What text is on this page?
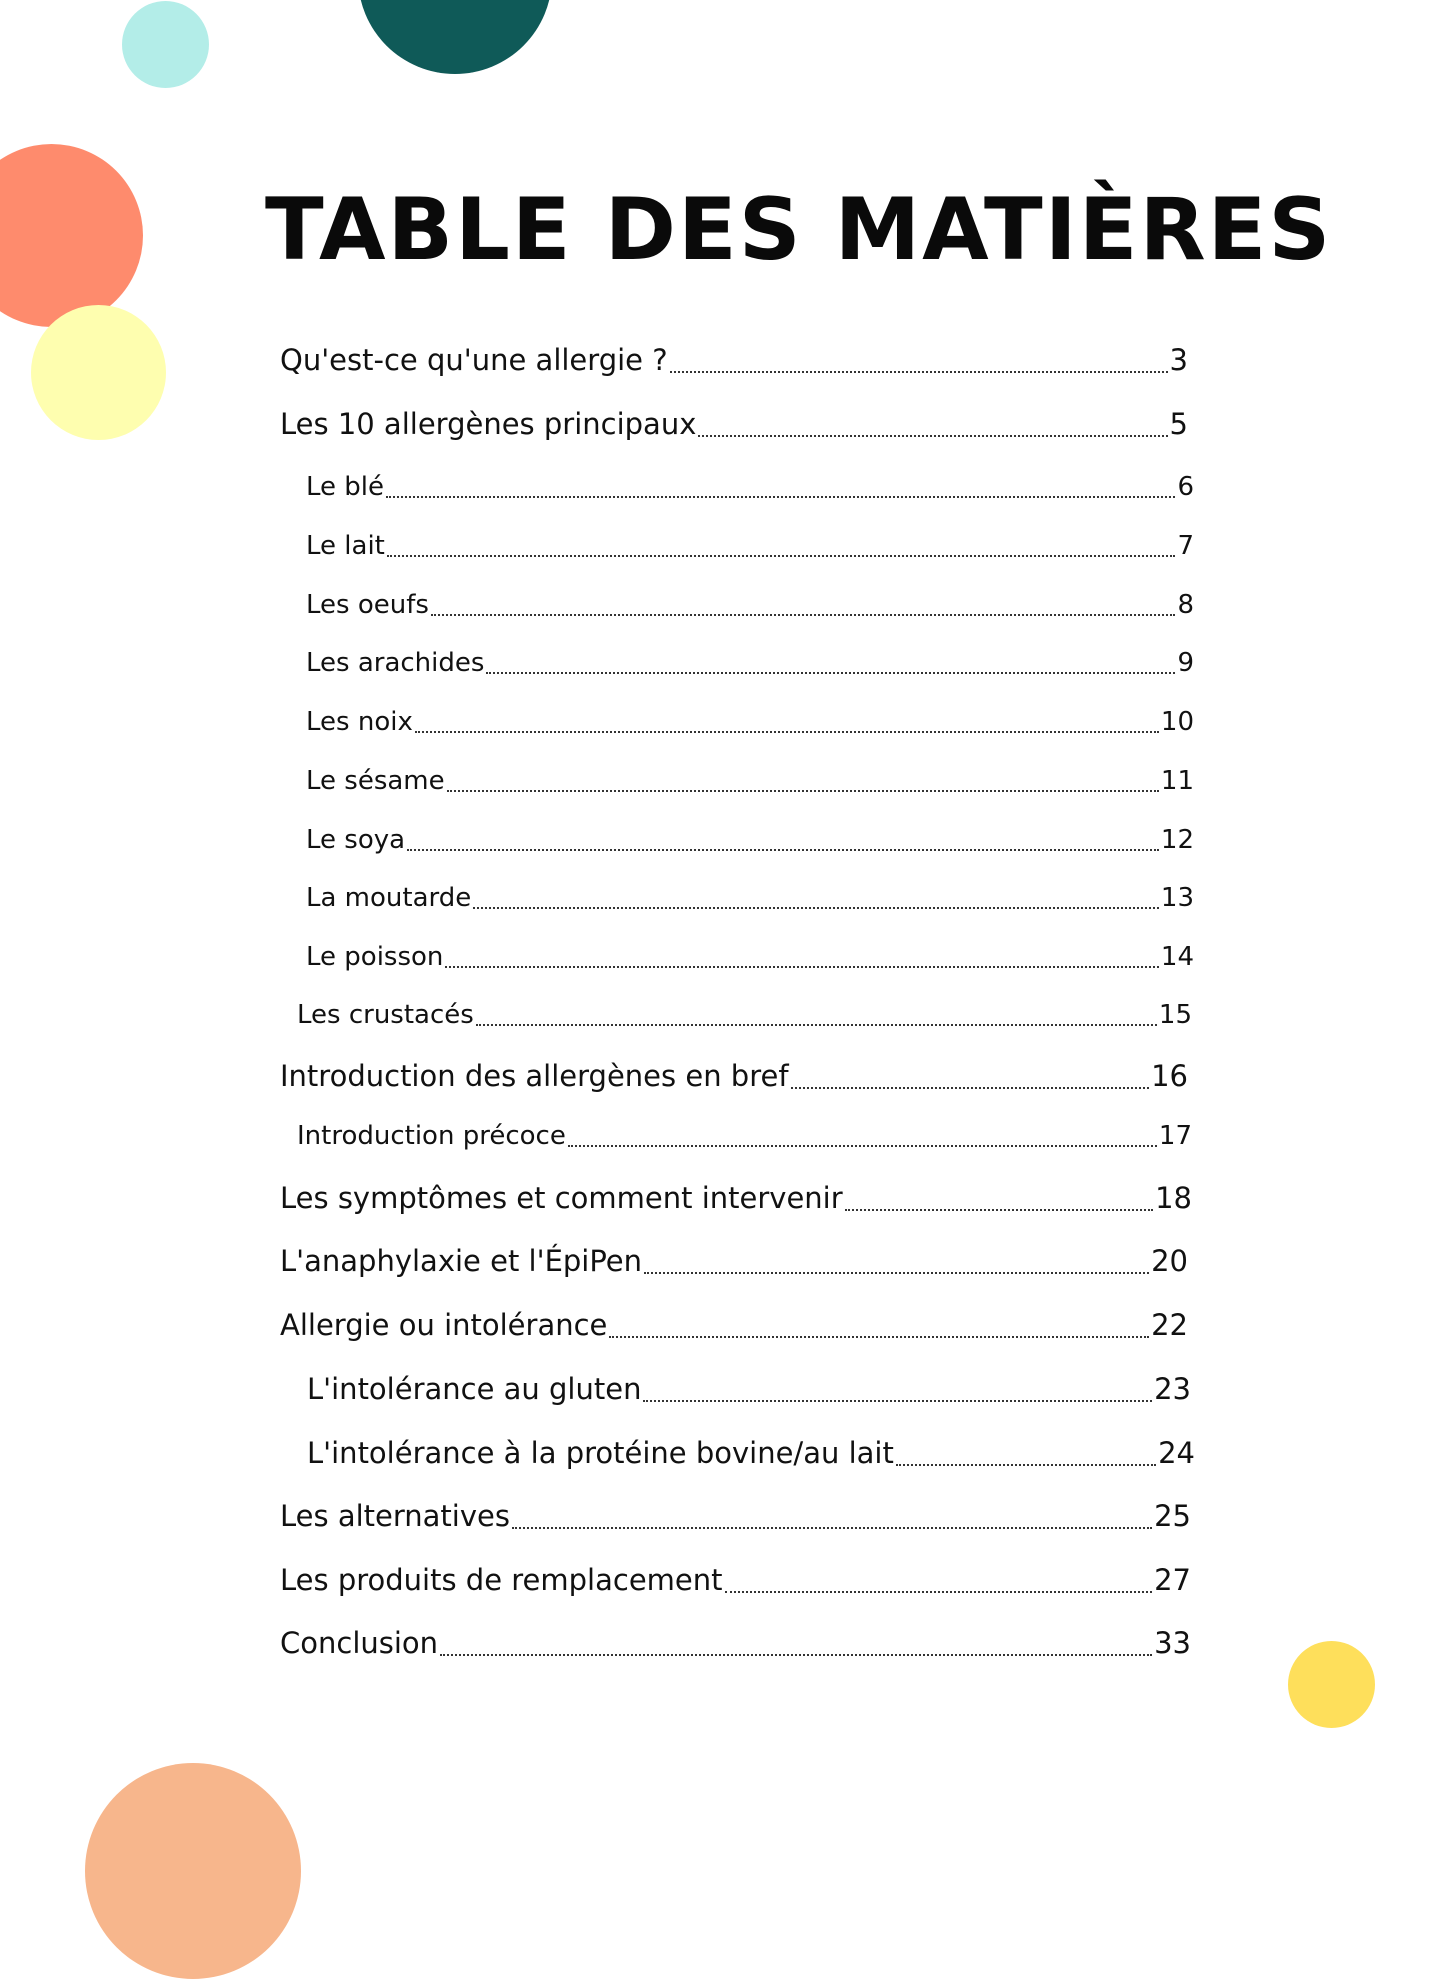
TABLE DES MATIÈRES
Qu'est-ce qu'une allergie ?	3
Les 10 allergènes principaux	5
Le blé	6
Le lait	7
Les oeufs	8
Les arachides	9
Les noix	10
Le sésame	11
Le soya	12
La moutarde	13
Le poisson	14
Les crustacés	15
Introduction des allergènes en bref	16
Introduction précoce	17
Les symptômes et comment intervenir	18
L'anaphylaxie et l'ÉpiPen	20
Allergie ou intolérance	22
L'intolérance au gluten	23
L'intolérance à la protéine bovine/au lait	24
Les alternatives	25
Les produits de remplacement	27
Conclusion	33
